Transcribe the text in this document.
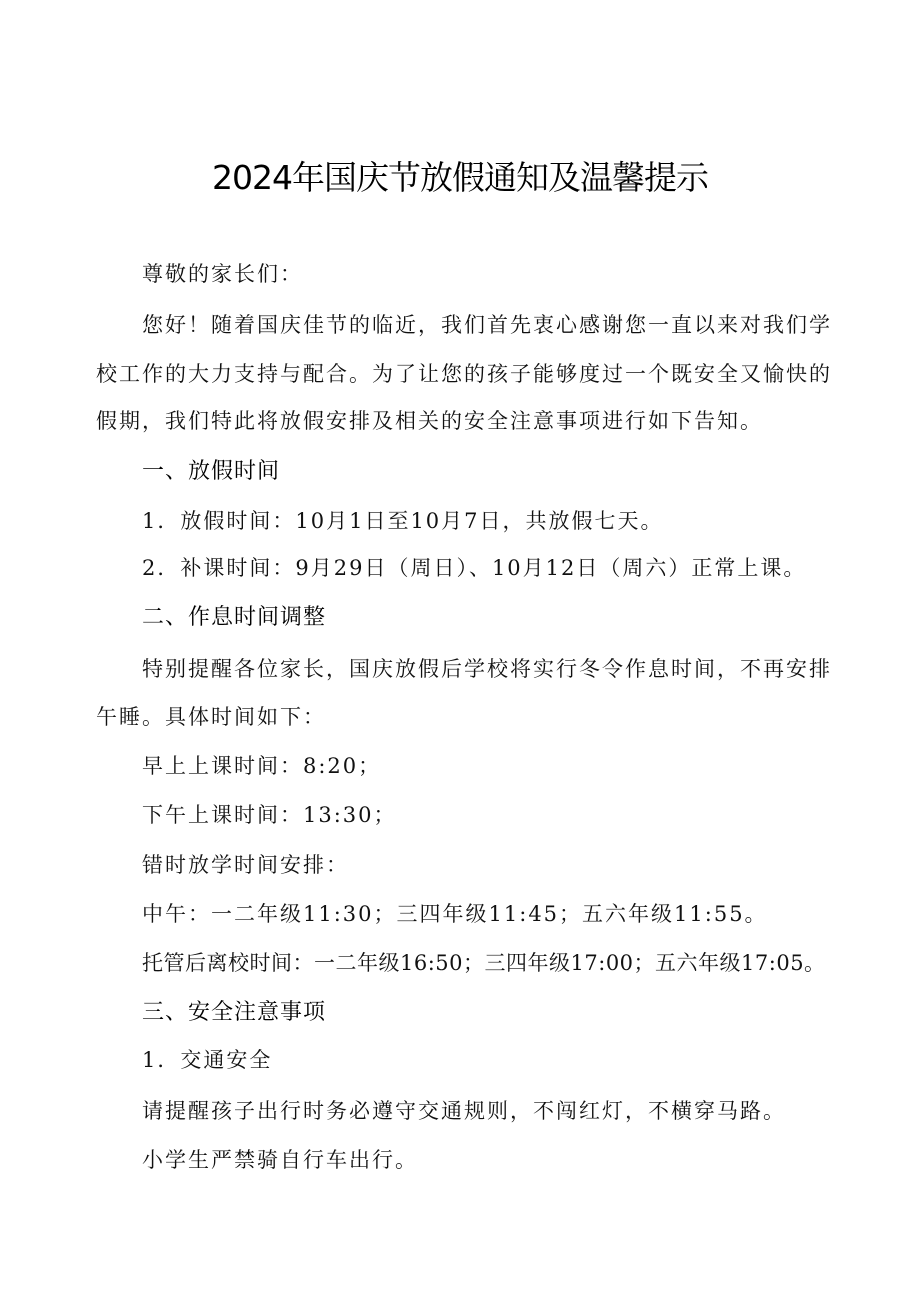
2024年国庆节放假通知及温馨提示
尊敬的家长们：
您好！随着国庆佳节的临近，我们首先衷心感谢您一直以来对我们学
校工作的大力支持与配合。为了让您的孩子能够度过一个既安全又愉快的
假期，我们特此将放假安排及相关的安全注意事项进行如下告知。
一、放假时间
1．放假时间：10月1日至10月7日，共放假七天。
2．补课时间：9月29日（周日）、10月12日（周六）正常上课。
二、作息时间调整
特别提醒各位家长，国庆放假后学校将实行冬令作息时间，不再安排
午睡。具体时间如下：
早上上课时间：8:20；
下午上课时间：13:30；
错时放学时间安排：
中午：一二年级11:30；三四年级11:45；五六年级11:55。
托管后离校时间：一二年级16:50；三四年级17:00；五六年级17:05。
三、安全注意事项
1．交通安全
请提醒孩子出行时务必遵守交通规则，不闯红灯，不横穿马路。
小学生严禁骑自行车出行。
